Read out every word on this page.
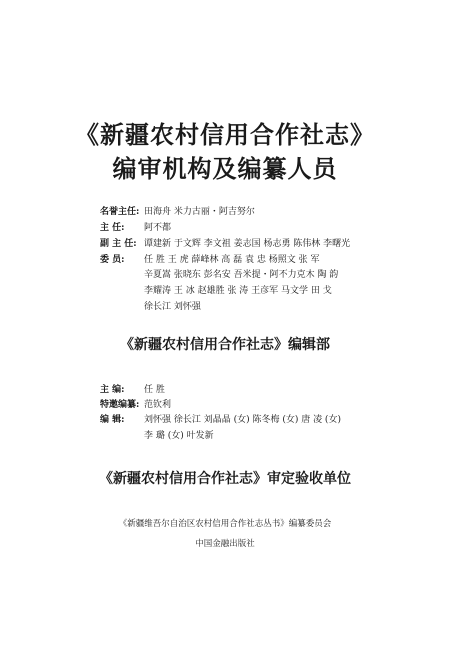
《新疆农村信用合作社志》
编审机构及编纂人员
名誉主任: 田海舟 米力古丽・阿吉努尔
主 任: 阿不都
副 主 任: 谭建新 于文辉 李文祖 姜志国 杨志勇 陈伟林 李曙光
委 员: 任 胜 王 虎 薛峰林 高 磊 袁 忠 杨照文 张 军
辛夏嵩 张晓东 彭名安 吾米提・阿不力克木 陶 韵
李耀涛 王 冰 赵雄胜 张 涛 王彦军 马文学 田 戈
徐长江 刘怀强
《新疆农村信用合作社志》编辑部
主 编: 任 胜
特邀编纂: 范钦利
编 辑: 刘怀强 徐长江 刘晶晶 (女) 陈冬梅 (女) 唐 凌 (女)
李 璐 (女) 叶发新
《新疆农村信用合作社志》审定验收单位
《新疆维吾尔自治区农村信用合作社志丛书》编纂委员会
中国金融出版社
